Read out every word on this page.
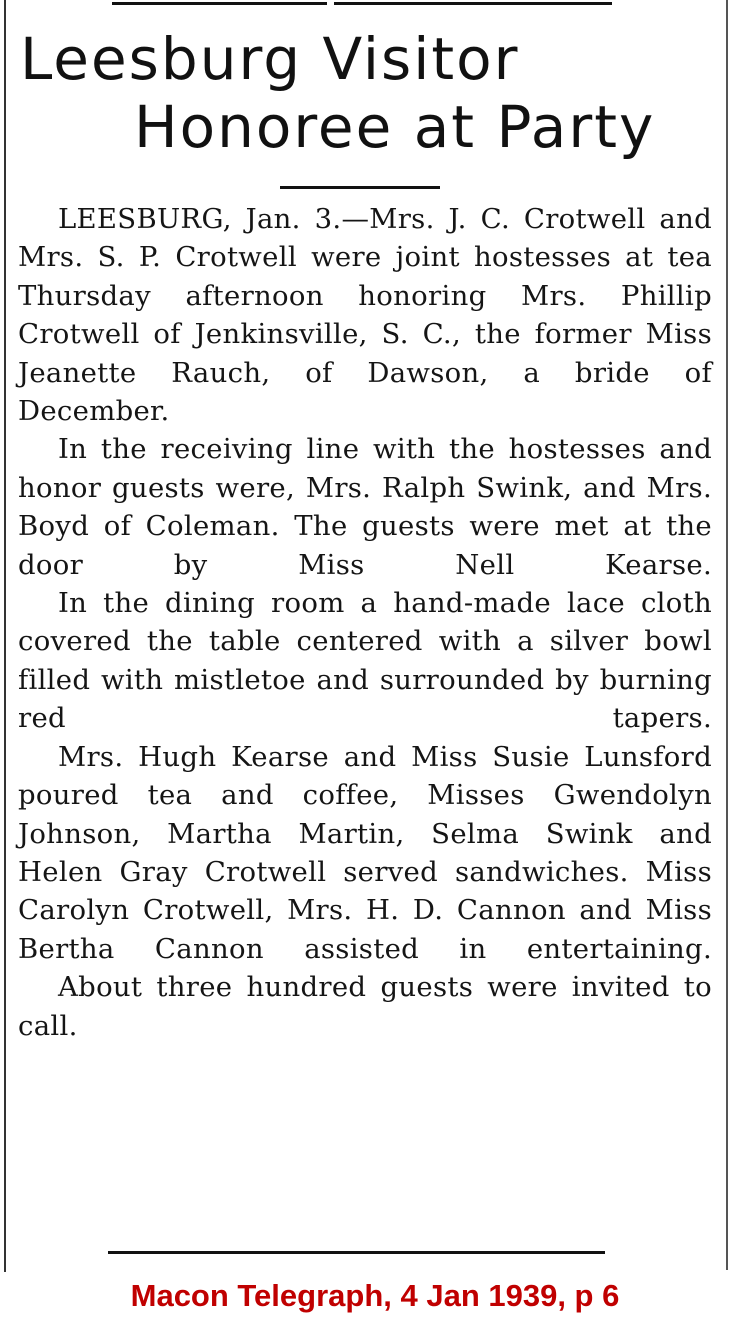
Leesburg Visitor
Honoree at Party

LEESBURG, Jan. 3.—Mrs. J. C. Crotwell and Mrs. S. P. Crotwell were joint hostesses at tea Thursday afternoon honoring Mrs. Phillip Crotwell of Jenkinsville, S. C., the former Miss Jeanette Rauch, of Dawson, a bride of December.

In the receiving line with the hostesses and honor guests were, Mrs. Ralph Swink, and Mrs. Boyd of Coleman. The guests were met at the door by Miss Nell Kearse.

In the dining room a hand-made lace cloth covered the table centered with a silver bowl filled with mistletoe and surrounded by burning red tapers.

Mrs. Hugh Kearse and Miss Susie Lunsford poured tea and coffee, Misses Gwendolyn Johnson, Martha Martin, Selma Swink and Helen Gray Crotwell served sandwiches. Miss Carolyn Crotwell, Mrs. H. D. Cannon and Miss Bertha Cannon assisted in entertaining.

About three hundred guests were invited to call.

Macon Telegraph, 4 Jan 1939, p 6
